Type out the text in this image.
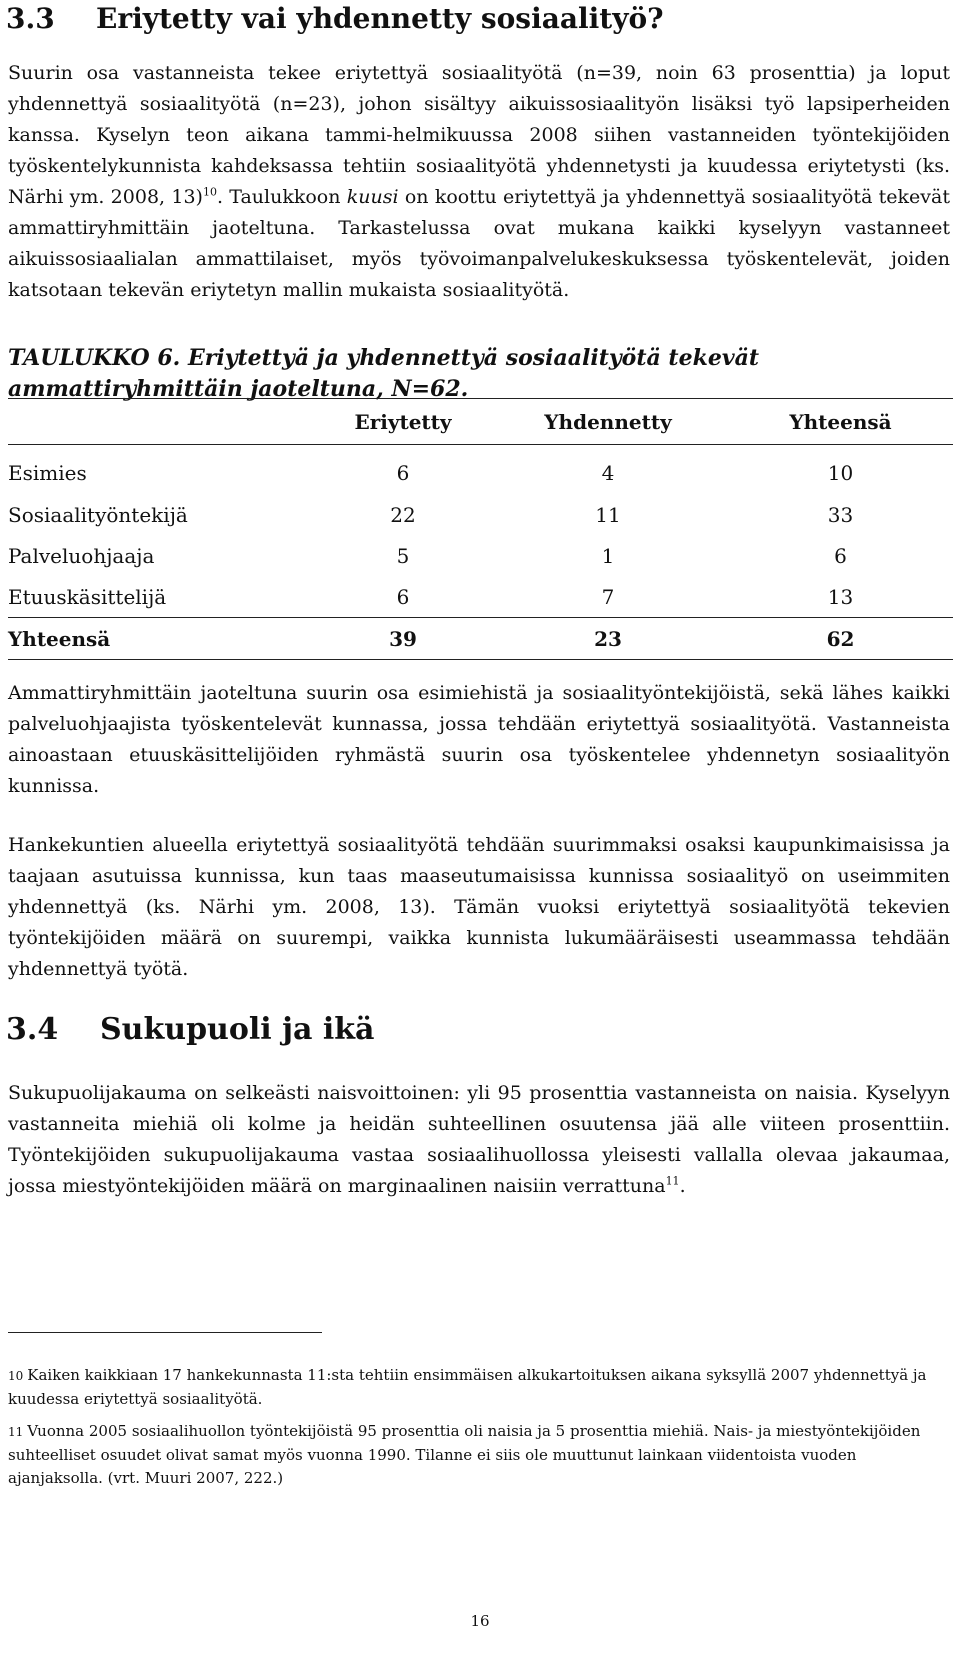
3.3 Eriytetty vai yhdennetty sosiaalityö?

Suurin osa vastanneista tekee eriytettyä sosiaalityötä (n=39, noin 63 prosenttia) ja loput yhdennettyä sosiaalityötä (n=23), johon sisältyy aikuissosiaalityön lisäksi työ lapsiperheiden kanssa. Kyselyn teon aikana tammi-helmikuussa 2008 siihen vastanneiden työntekijöiden työskentelykunnista kahdeksassa tehtiin sosiaalityötä yhdennetysti ja kuudessa eriytetysti (ks. Närhi ym. 2008, 13)$^{10}$. Taulukkoon kuusi on koottu eriytettyä ja yhdennettyä sosiaalityötä tekevät ammattiryhmittäin jaoteltuna. Tarkastelussa ovat mukana kaikki kyselyyn vastanneet aikuissosiaalialan ammattilaiset, myös työvoimanpalvelukeskuksessa työskentelevät, joiden katsotaan tekevän eriytetyn mallin mukaista sosiaalityötä.

TAULUKKO 6. Eriytettyä ja yhdennettyä sosiaalityötä tekevät ammattiryhmittäin jaoteltuna, N=62.

	Eriytetty	Yhdennetty	Yhteensä
Esimies	6	4	10
Sosiaalityöntekijä	22	11	33
Palveluohjaaja	5	1	6
Etuuskäsittelijä	6	7	13
Yhteensä	39	23	62

Ammattiryhmittäin jaoteltuna suurin osa esimiehistä ja sosiaalityöntekijöistä, sekä lähes kaikki palveluohjaajista työskentelevät kunnassa, jossa tehdään eriytettyä sosiaalityötä. Vastanneista ainoastaan etuuskäsittelijöiden ryhmästä suurin osa työskentelee yhdennetyn sosiaalityön kunnissa.

Hankekuntien alueella eriytettyä sosiaalityötä tehdään suurimmaksi osaksi kaupunkimaisissa ja taajaan asutuissa kunnissa, kun taas maaseutumaisissa kunnissa sosiaalityö on useimmiten yhdennettyä (ks. Närhi ym. 2008, 13). Tämän vuoksi eriytettyä sosiaalityötä tekevien työntekijöiden määrä on suurempi, vaikka kunnista lukumääräisesti useammassa tehdään yhdennettyä työtä.

3.4 Sukupuoli ja ikä

Sukupuolijakauma on selkeästi naisvoittoinen: yli 95 prosenttia vastanneista on naisia. Kyselyyn vastanneita miehiä oli kolme ja heidän suhteellinen osuutensa jää alle viiteen prosenttiin. Työntekijöiden sukupuolijakauma vastaa sosiaalihuollossa yleisesti vallalla olevaa jakaumaa, jossa miestyöntekijöiden määrä on marginaalinen naisiin verrattuna$^{11}$.

10 Kaiken kaikkiaan 17 hankekunnasta 11:sta tehtiin ensimmäisen alkukartoituksen aikana syksyllä 2007 yhdennettyä ja kuudessa eriytettyä sosiaalityötä.

11 Vuonna 2005 sosiaalihuollon työntekijöistä 95 prosenttia oli naisia ja 5 prosenttia miehiä. Nais- ja miestyöntekijöiden suhteelliset osuudet olivat samat myös vuonna 1990. Tilanne ei siis ole muuttunut lainkaan viidentoista vuoden ajanjaksolla. (vrt. Muuri 2007, 222.)

16
